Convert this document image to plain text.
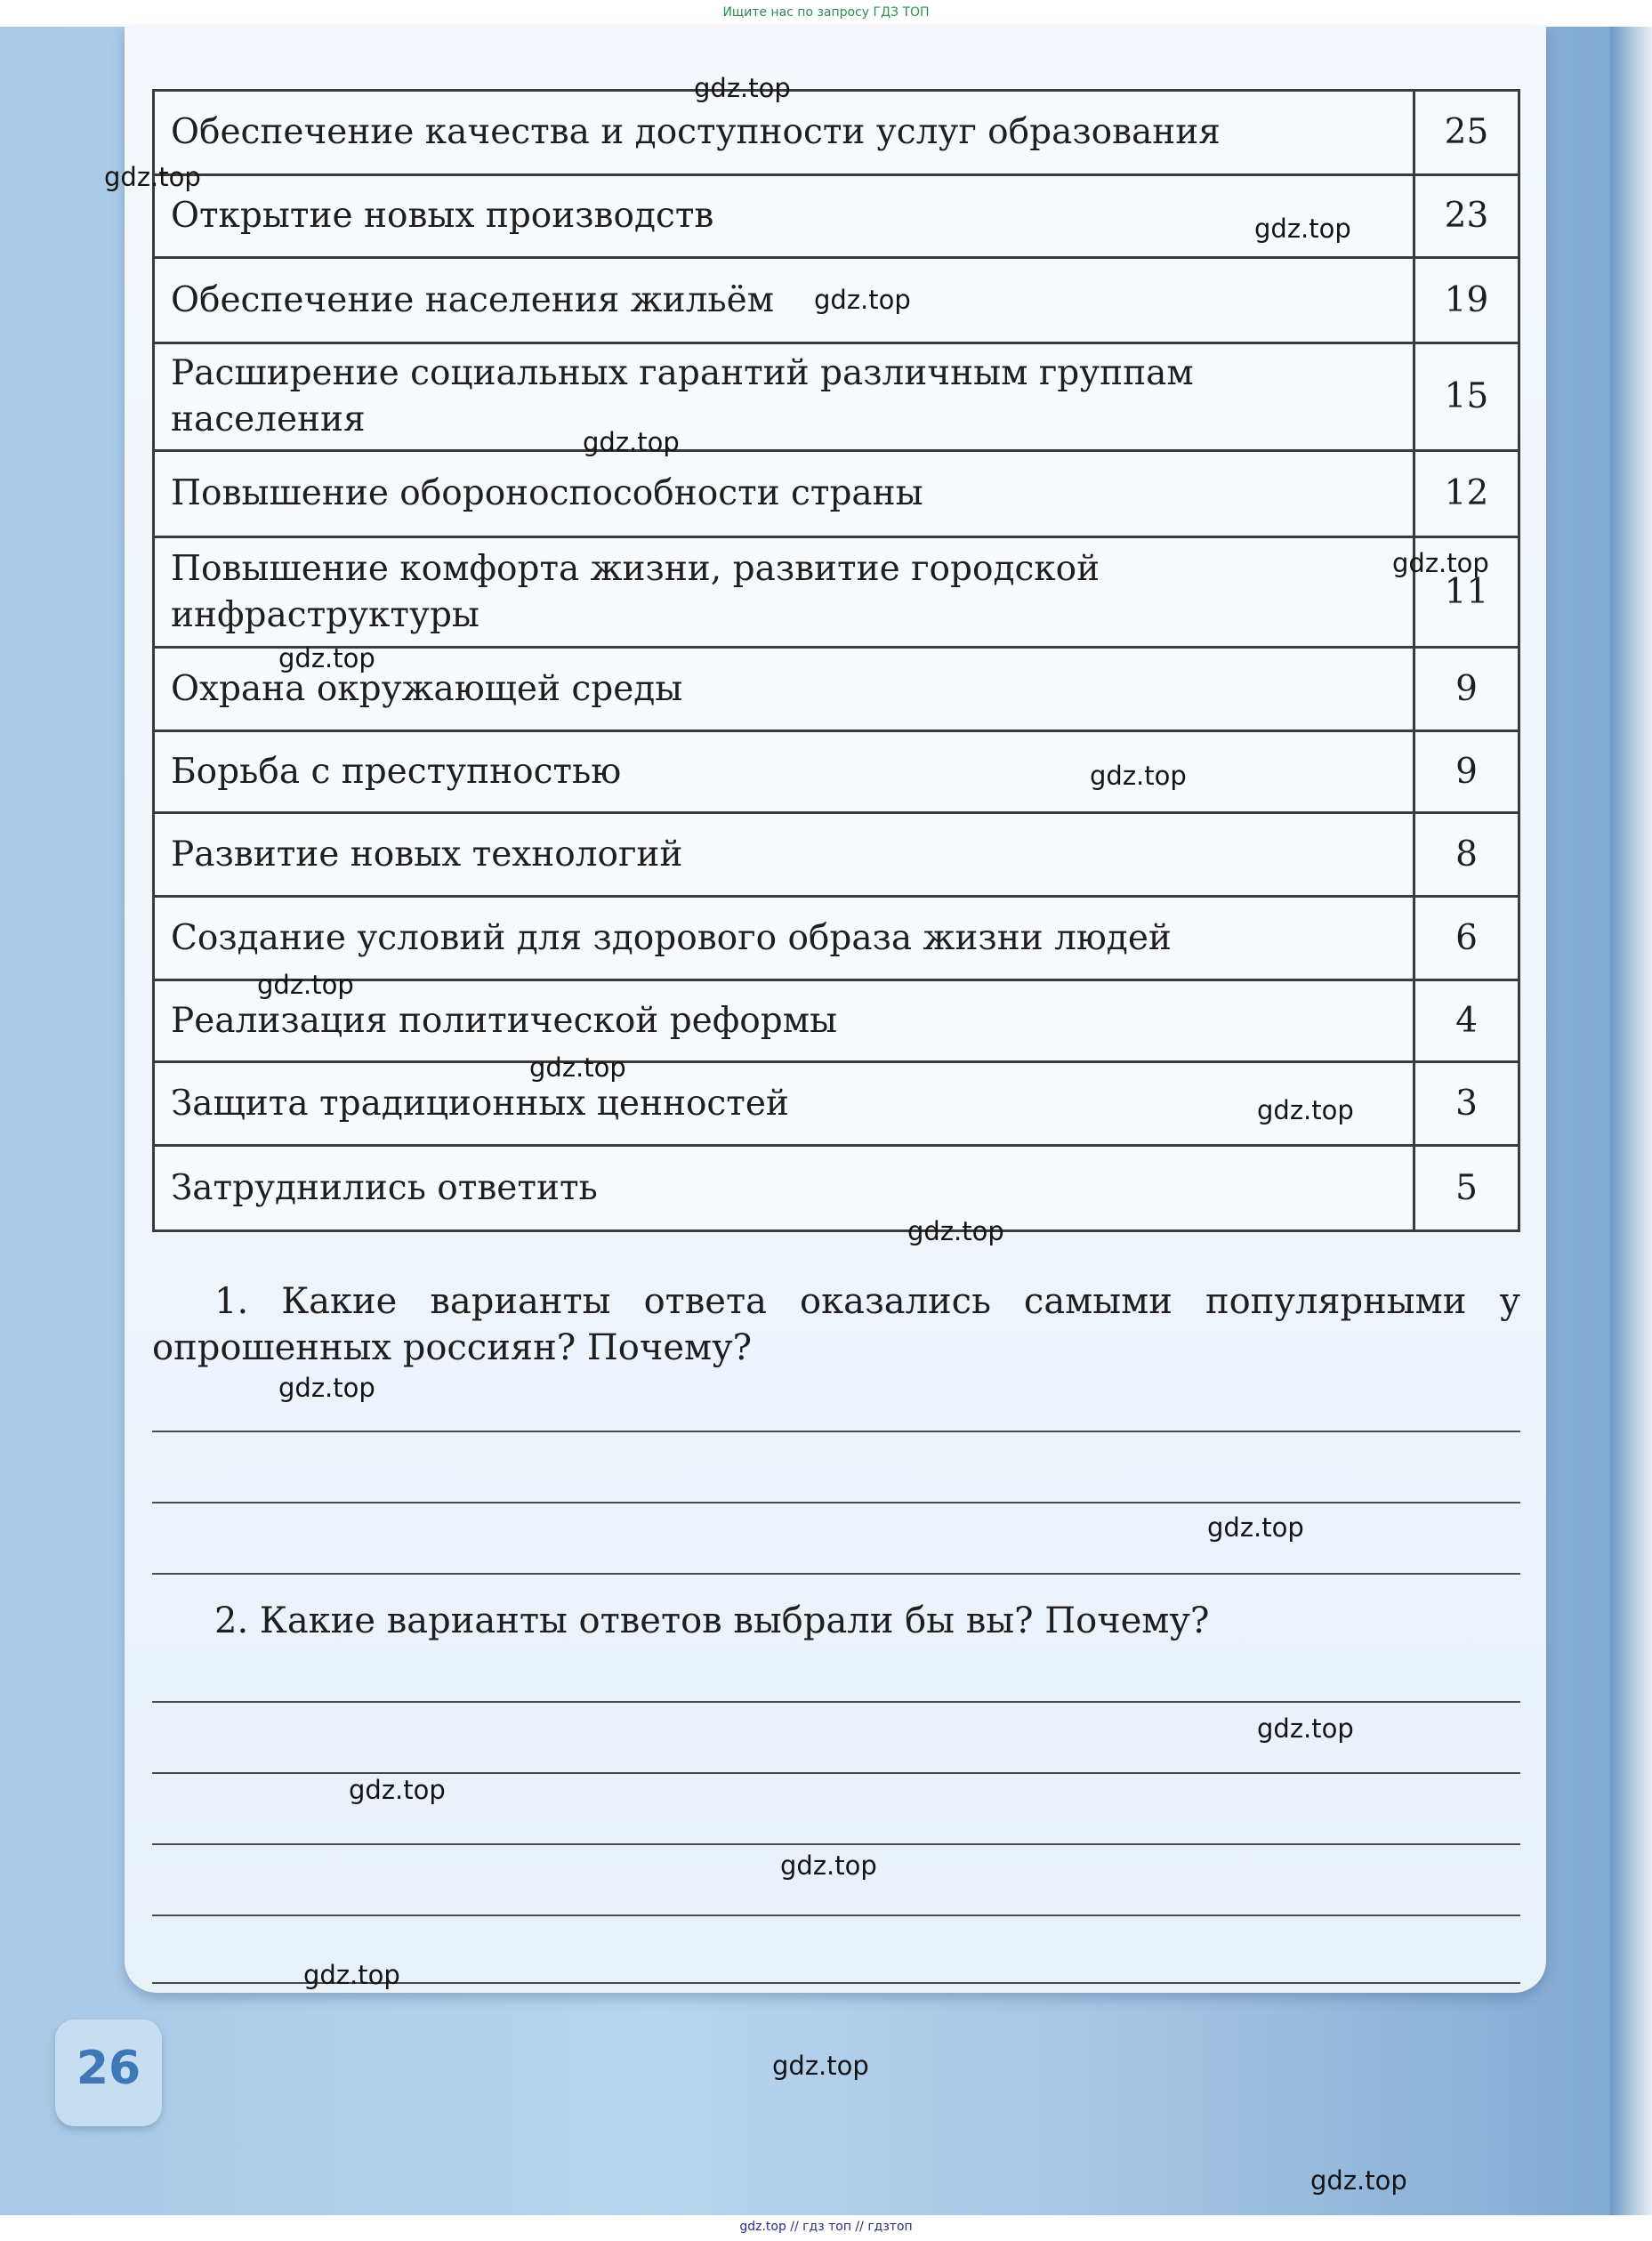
Ищите нас по запросу ГДЗ ТОП
Обеспечение качества и доступности услуг образования	25
Открытие новых производств	23
Обеспечение населения жильём	19
Расширение социальных гарантий различным группам населения	15
Повышение обороноспособности страны	12
Повышение комфорта жизни, развитие городской инфраструктуры	11
Охрана окружающей среды	9
Борьба с преступностью	9
Развитие новых технологий	8
Создание условий для здорового образа жизни людей	6
Реализация политической реформы	4
Защита традиционных ценностей	3
Затруднились ответить	5
1. Какие варианты ответа оказались самыми популярными у опрошенных россиян? Почему?
2. Какие варианты ответов выбрали бы вы? Почему?
26
gdz.top
gdz.top
gdz.top
gdz.top
gdz.top
gdz.top
gdz.top
gdz.top
gdz.top
gdz.top
gdz.top
gdz.top
gdz.top
gdz.top
gdz.top
gdz.top
gdz.top
gdz.top
gdz.top
gdz.top
gdz.top // гдз топ // гдзтоп
